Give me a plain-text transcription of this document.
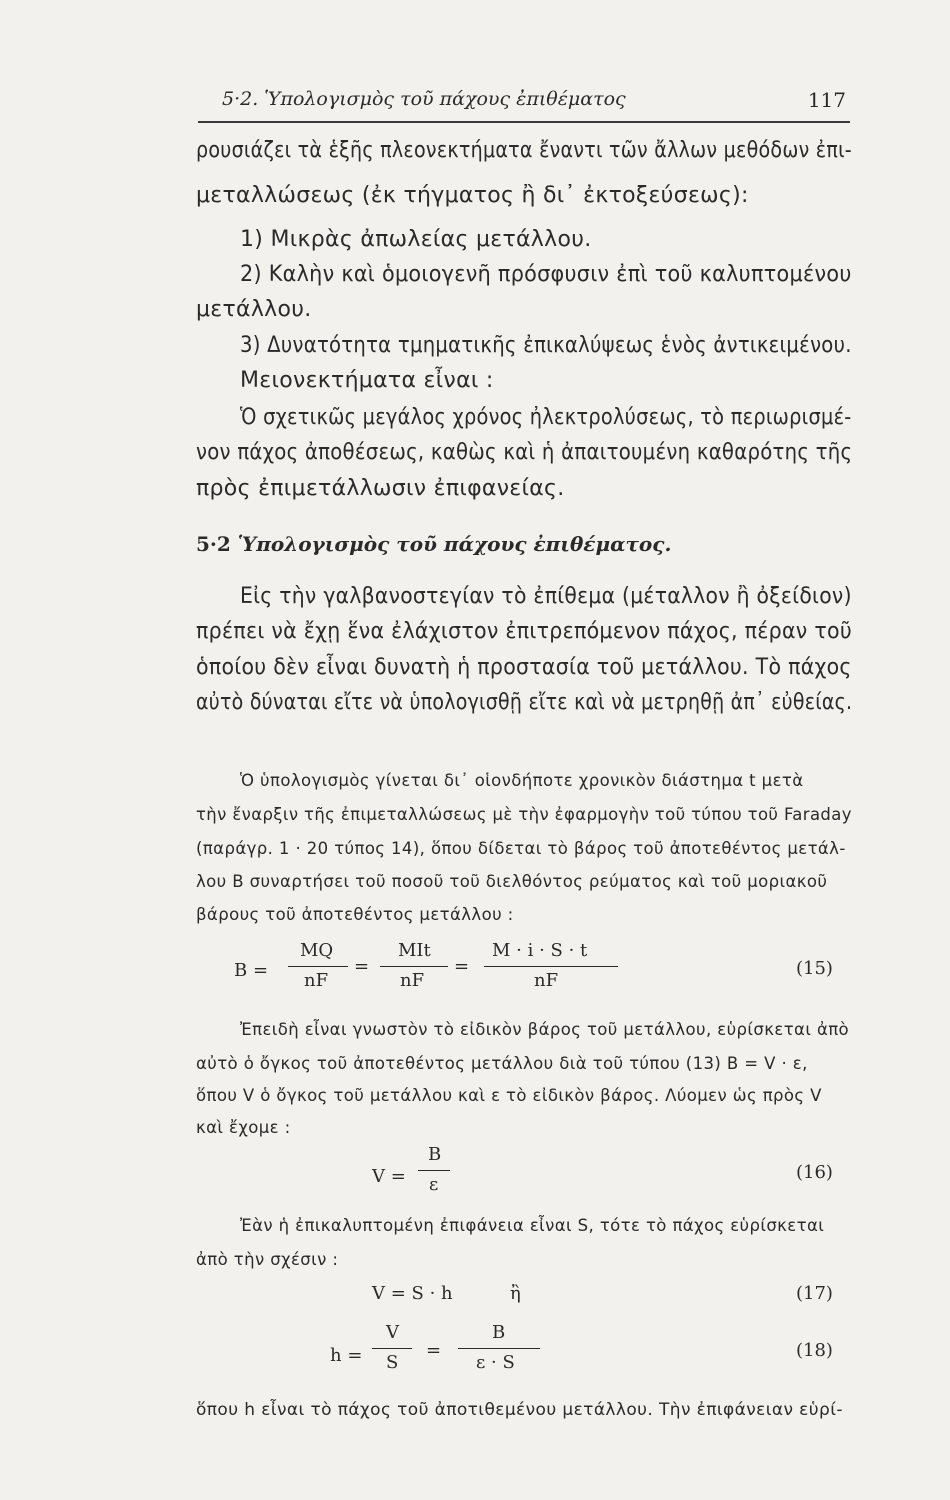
5·2. Ὑπολογισμὸς τοῦ πάχους ἐπιθέματος	117
ρουσιάζει τὰ ἑξῆς πλεονεκτήματα ἔναντι τῶν ἄλλων μεθόδων ἐπι-
μεταλλώσεως (ἐκ τήγματος ἢ δι᾽ ἐκτοξεύσεως):
1) Μικρὰς ἀπωλείας μετάλλου.
2) Καλὴν καὶ ὁμοιογενῆ πρόσφυσιν ἐπὶ τοῦ καλυπτομένου
μετάλλου.
3) Δυνατότητα τμηματικῆς ἐπικαλύψεως ἑνὸς ἀντικειμένου.
Μειονεκτήματα εἶναι :
Ὁ σχετικῶς μεγάλος χρόνος ἠλεκτρολύσεως, τὸ περιωρισμέ-
νον πάχος ἀποθέσεως, καθὼς καὶ ἡ ἀπαιτουμένη καθαρότης τῆς
πρὸς ἐπιμετάλλωσιν ἐπιφανείας.
5·2 Ὑπολογισμὸς τοῦ πάχους ἐπιθέματος.
Εἰς τὴν γαλβανοστεγίαν τὸ ἐπίθεμα (μέταλλον ἢ ὀξείδιον)
πρέπει νὰ ἔχῃ ἕνα ἐλάχιστον ἐπιτρεπόμενον πάχος, πέραν τοῦ
ὁποίου δὲν εἶναι δυνατὴ ἡ προστασία τοῦ μετάλλου. Τὸ πάχος
αὐτὸ δύναται εἴτε νὰ ὑπολογισθῇ εἴτε καὶ νὰ μετρηθῇ ἀπ᾽ εὐθείας.
Ὁ ὑπολογισμὸς γίνεται δι᾽ οἱονδήποτε χρονικὸν διάστημα t μετὰ
τὴν ἔναρξιν τῆς ἐπιμεταλλώσεως μὲ τὴν ἐφαρμογὴν τοῦ τύπου τοῦ Faraday
(παράγρ. 1 · 20 τύπος 14), ὅπου δίδεται τὸ βάρος τοῦ ἀποτεθέντος μετάλ-
λου Β συναρτήσει τοῦ ποσοῦ τοῦ διελθόντος ρεύματος καὶ τοῦ μοριακοῦ
βάρους τοῦ ἀποτεθέντος μετάλλου :
B =
MQ
nF
=
MIt
nF
=
M · i · S · t
nF
(15)
Ἐπειδὴ εἶναι γνωστὸν τὸ εἰδικὸν βάρος τοῦ μετάλλου, εὑρίσκεται ἀπὸ
αὐτὸ ὁ ὄγκος τοῦ ἀποτεθέντος μετάλλου διὰ τοῦ τύπου (13) Β = V · ε,
ὅπου V ὁ ὄγκος τοῦ μετάλλου καὶ ε τὸ εἰδικὸν βάρος. Λύομεν ὡς πρὸς V
καὶ ἔχομε :
V =
B
ε
(16)
Ἐὰν ἡ ἐπικαλυπτομένη ἐπιφάνεια εἶναι S, τότε τὸ πάχος εὑρίσκεται
ἀπὸ τὴν σχέσιν :
V = S · h	ἢ	(17)
h =
V
S
=
B
ε · S
(18)
ὅπου h εἶναι τὸ πάχος τοῦ ἀποτιθεμένου μετάλλου. Τὴν ἐπιφάνειαν εὑρί-
